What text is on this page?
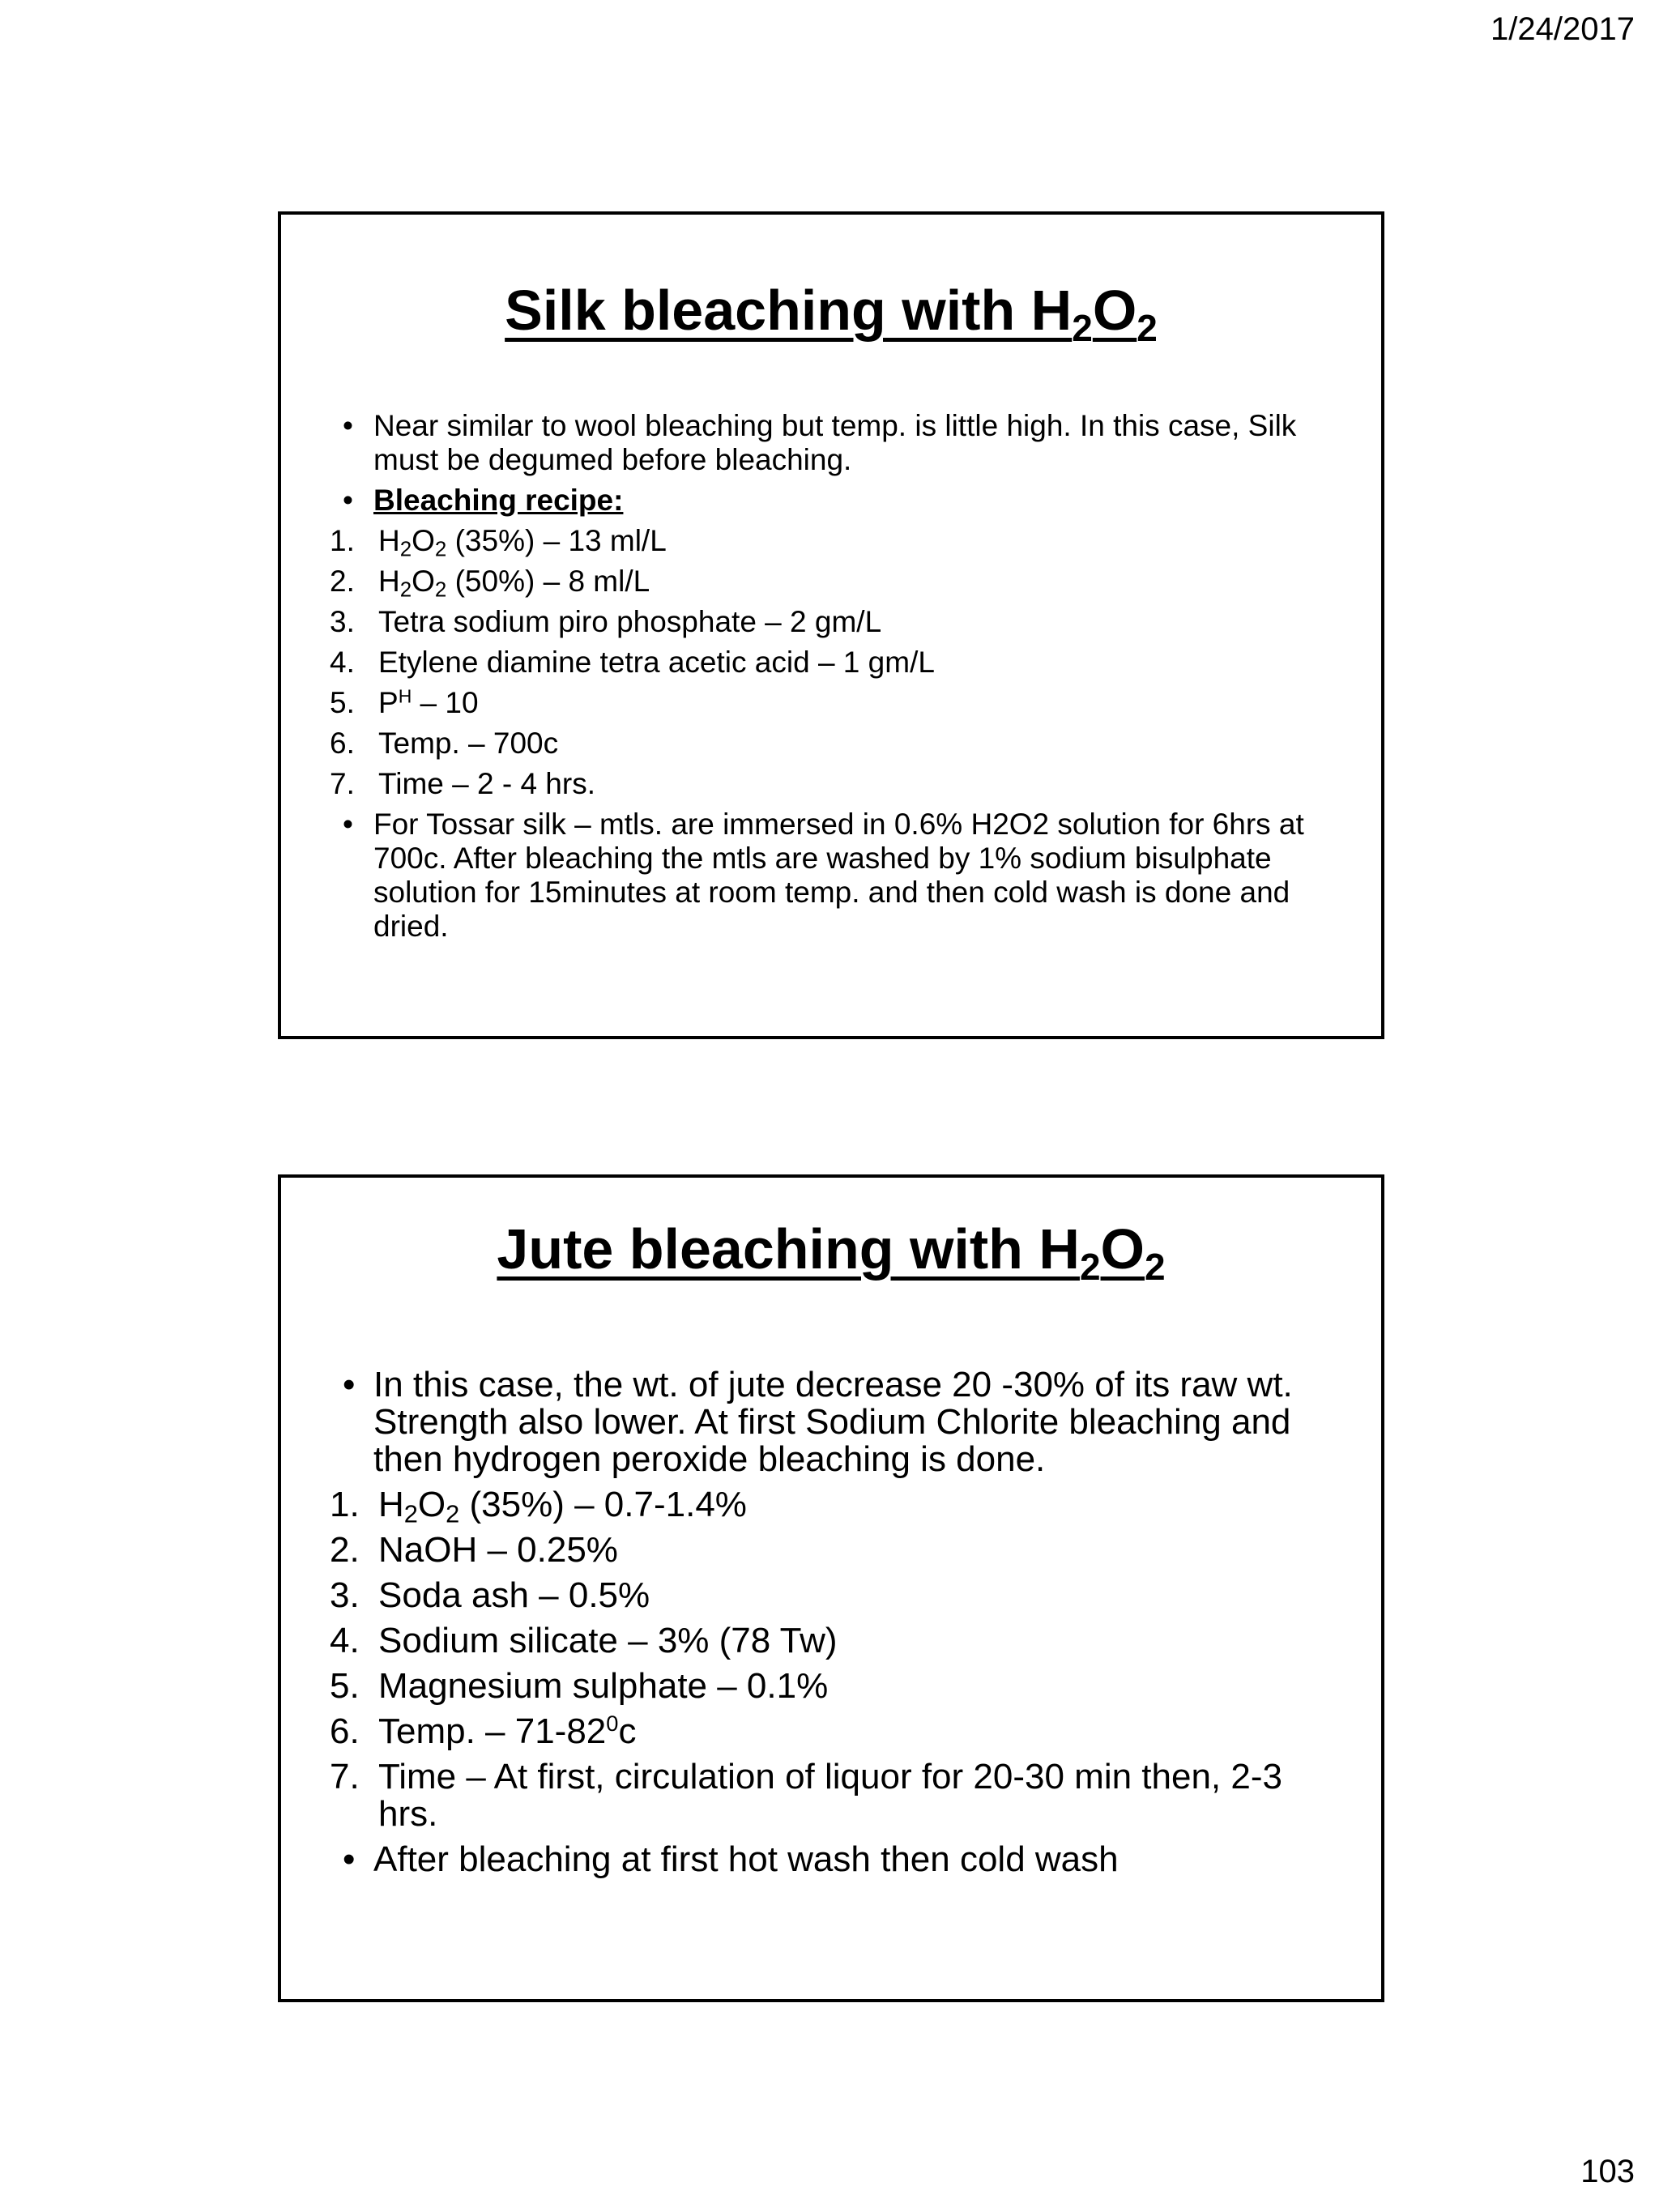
1/24/2017
Silk bleaching with $H_2O_2$
• Near similar to wool bleaching but temp. is little high. In this case, Silk must be degumed before bleaching.
• Bleaching recipe:
1. $H_2O_2$ (35%) – 13 ml/L
2. $H_2O_2$ (50%) – 8 ml/L
3. Tetra sodium piro phosphate – 2 gm/L
4. Etylene diamine tetra acetic acid – 1 gm/L
5. $P^H - 10$
6. Temp. – 700c
7. Time – 2 - 4 hrs.
• For Tossar silk – mtls. are immersed in 0.6% H2O2 solution for 6hrs at 700c. After bleaching the mtls are washed by 1% sodium bisulphate solution for 15minutes at room temp. and then cold wash is done and dried.
Jute bleaching with $H_2O_2$
• In this case, the wt. of jute decrease 20 -30% of its raw wt. Strength also lower. At first Sodium Chlorite bleaching and then hydrogen peroxide bleaching is done.
1. $H_2O_2$ (35%) – 0.7-1.4%
2. NaOH – 0.25%
3. Soda ash – 0.5%
4. Sodium silicate – 3% (78 Tw)
5. Magnesium sulphate – 0.1%
6. Temp. – $71-82^0c$
7. Time – At first, circulation of liquor for 20-30 min then, 2-3 hrs.
• After bleaching at first hot wash then cold wash
103
